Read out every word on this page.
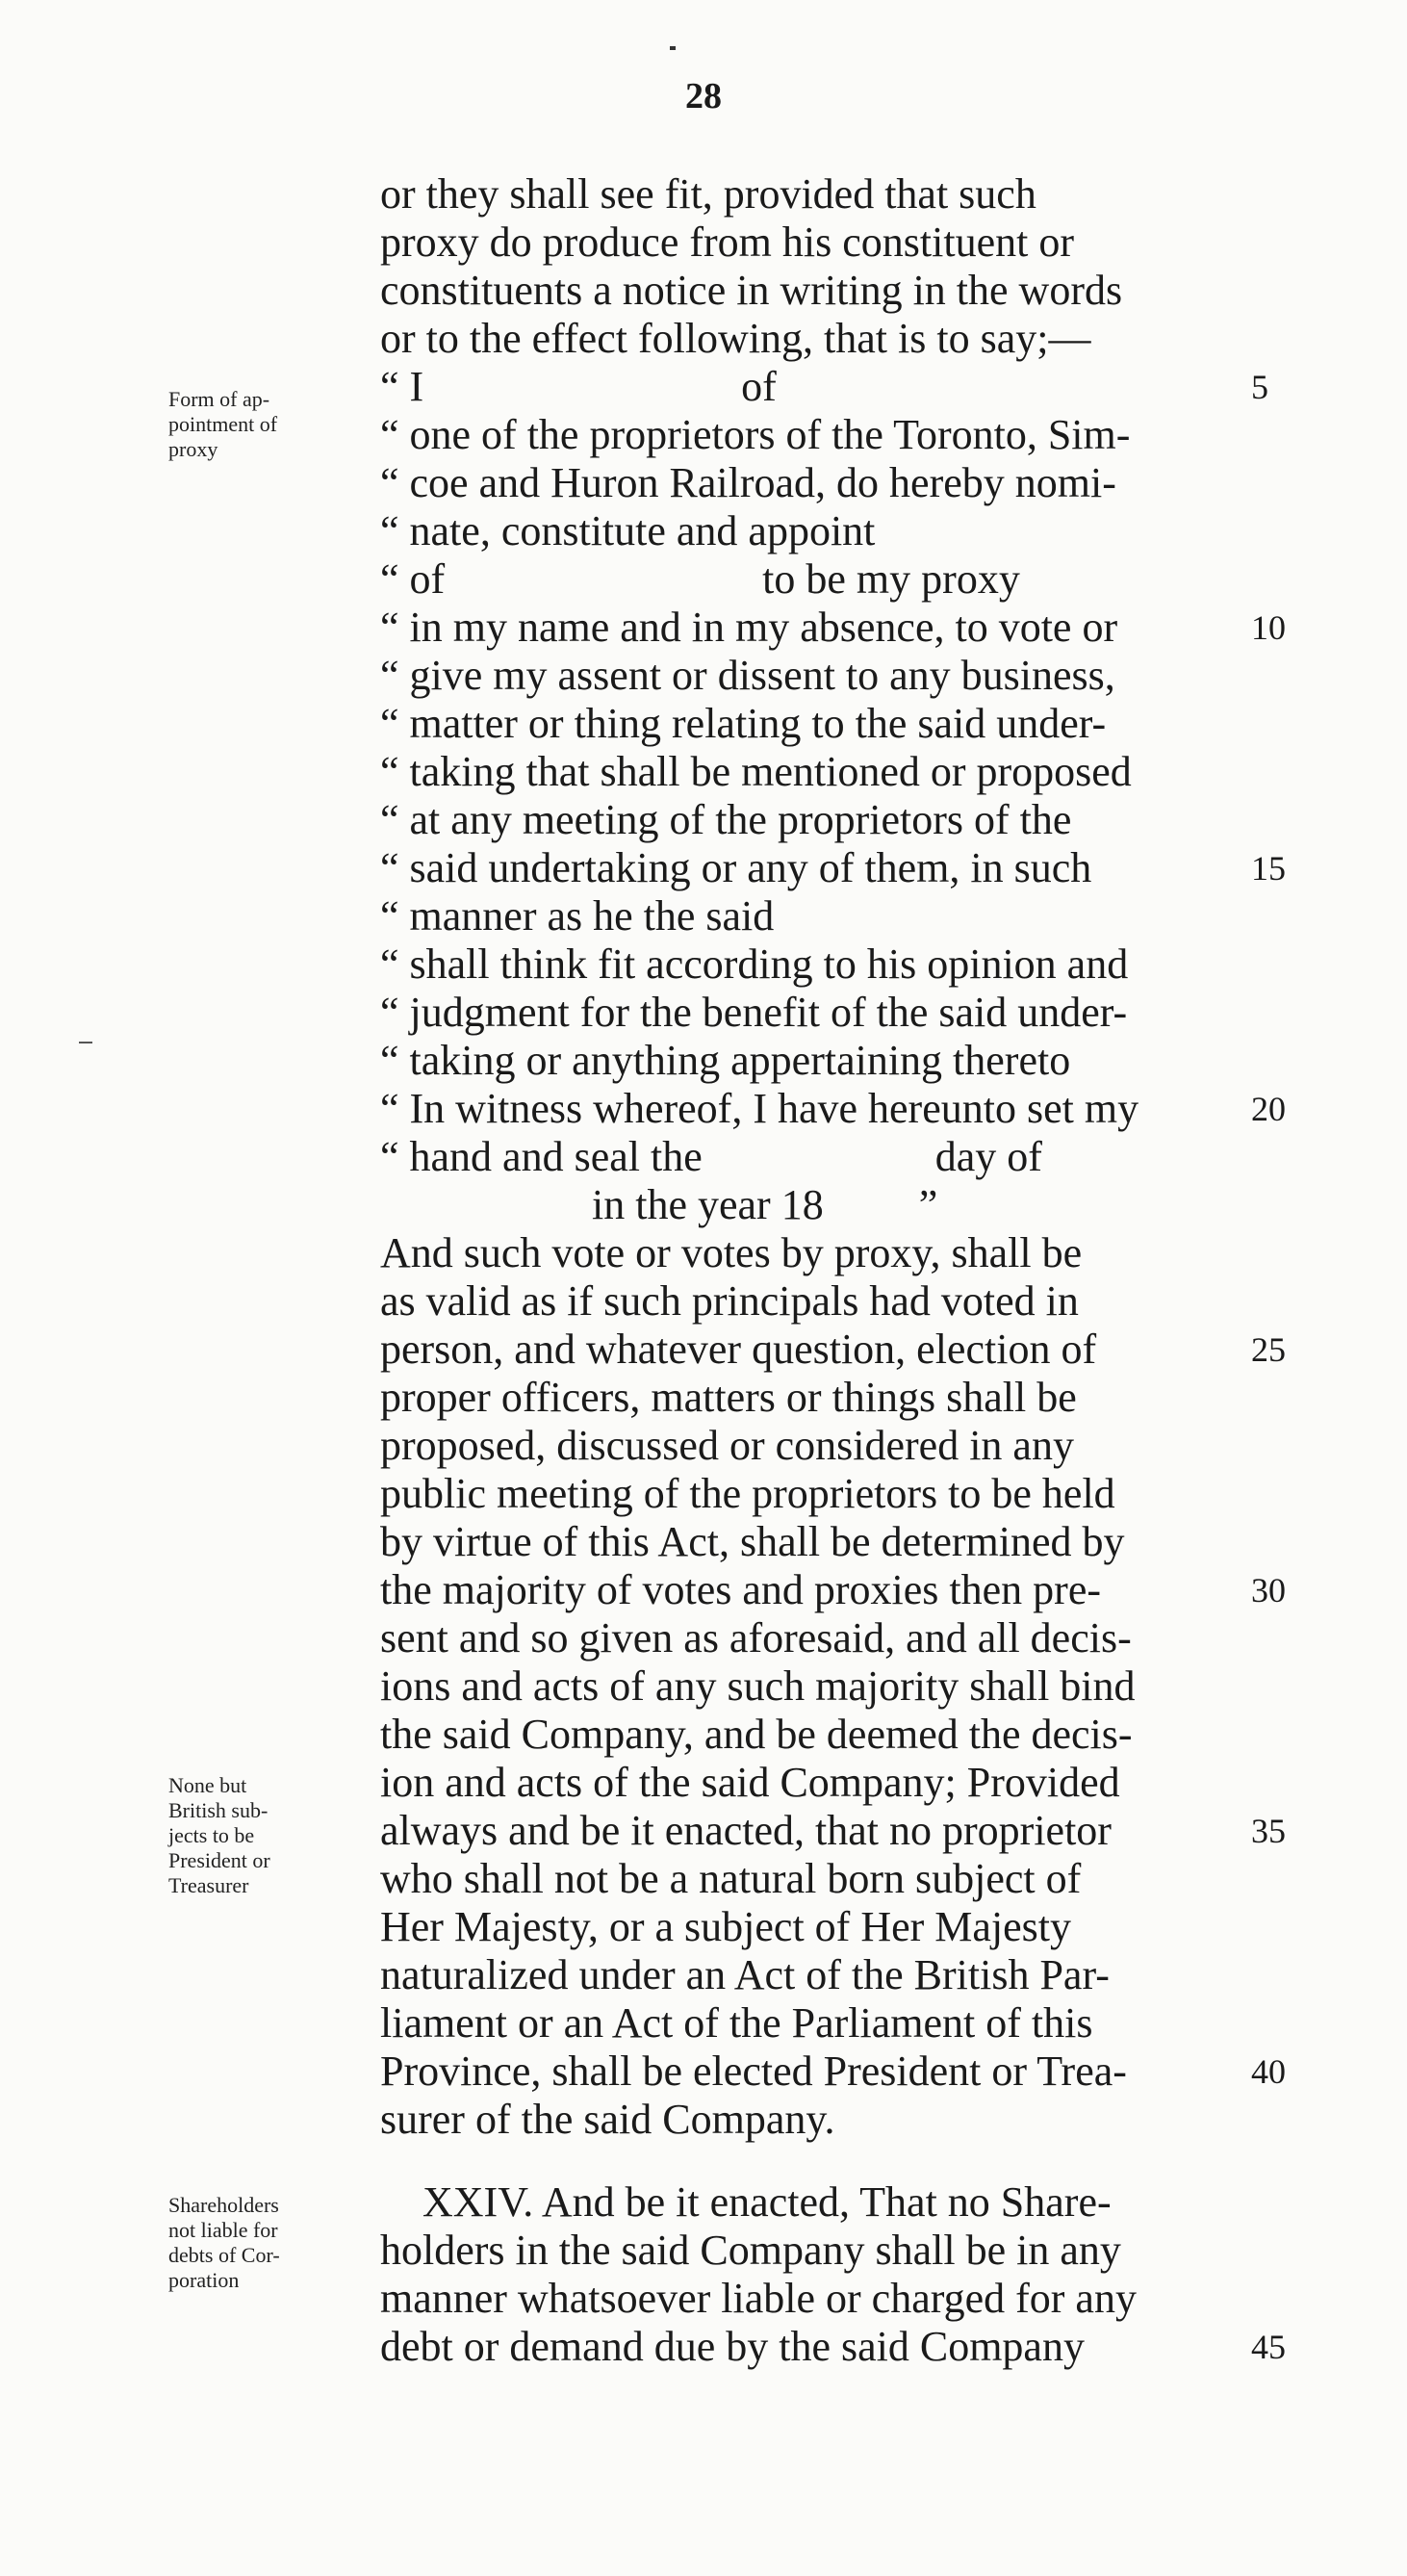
28
Form of ap-
pointment of
proxy
None but
British sub-
jects to be
President or
Treasurer
Shareholders
not liable for
debts of Cor-
poration
or they shall see fit, provided that such
proxy do produce from his constituent or
constituents a notice in writing in the words
or to the effect following, that is to say;—
“ I                              of
“ one of the proprietors of the Toronto, Sim-
“ coe and Huron Railroad, do hereby nomi-
“ nate, constitute and appoint
“ of                              to be my proxy
“ in my name and in my absence, to vote or
“ give my assent or dissent to any business,
“ matter or thing relating to the said under-
“ taking that shall be mentioned or proposed
“ at any meeting of the proprietors of the
“ said undertaking or any of them, in such
“ manner as he the said
“ shall think fit according to his opinion and
“ judgment for the benefit of the said under-
“ taking or anything appertaining thereto
“ In witness whereof, I have hereunto set my
“ hand and seal the                      day of
in the year 18         ”
And such vote or votes by proxy, shall be
as valid as if such principals had voted in
person, and whatever question, election of
proper officers, matters or things shall be
proposed, discussed or considered in any
public meeting of the proprietors to be held
by virtue of this Act, shall be determined by
the majority of votes and proxies then pre-
sent and so given as aforesaid, and all decis-
ions and acts of any such majority shall bind
the said Company, and be deemed the decis-
ion and acts of the said Company; Provided
always and be it enacted, that no proprietor
who shall not be a natural born subject of
Her Majesty, or a subject of Her Majesty
naturalized under an Act of the British Par-
liament or an Act of the Parliament of this
Province, shall be elected President or Trea-
surer of the said Company.
XXIV. And be it enacted, That no Share-
holders in the said Company shall be in any
manner whatsoever liable or charged for any
debt or demand due by the said Company
5
10
15
20
25
30
35
40
45
